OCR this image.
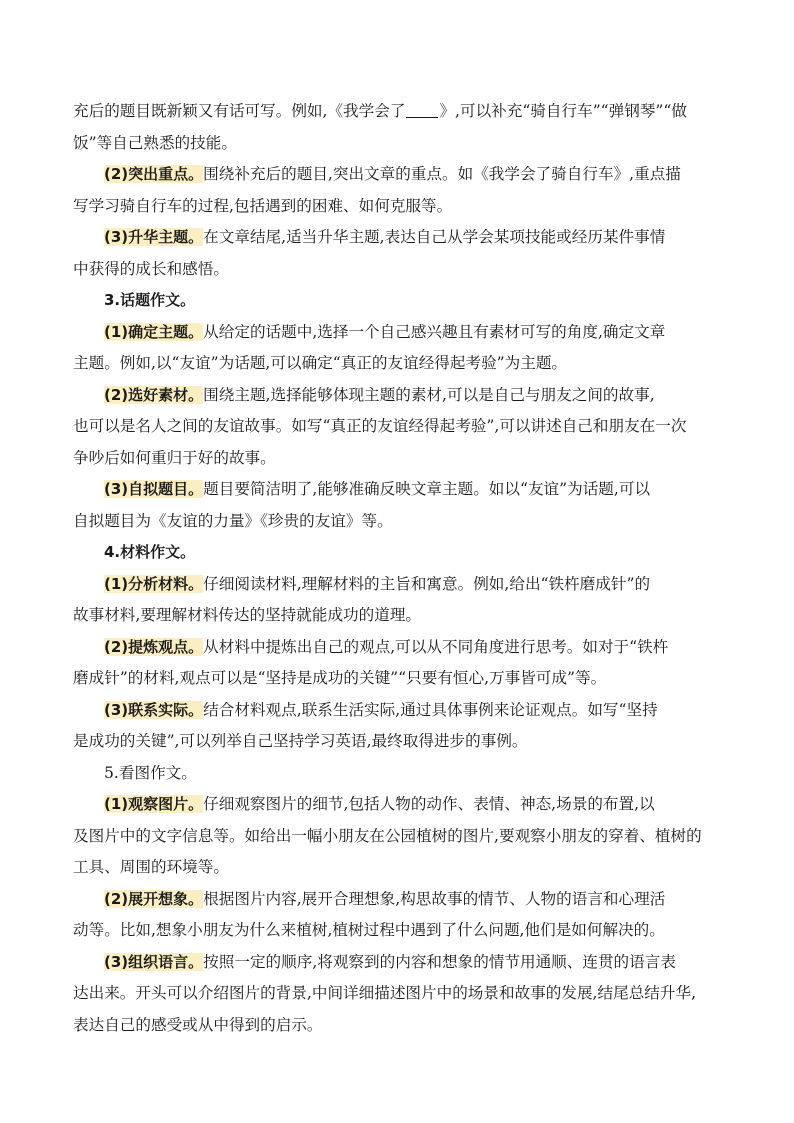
充后的题目既新颖又有话可写。例如,《我学会了 》,可以补充“骑自行车”“弹钢琴”“做
饭”等自己熟悉的技能。
(2)突出重点。围绕补充后的题目,突出文章的重点。如《我学会了骑自行车》,重点描
写学习骑自行车的过程,包括遇到的困难、如何克服等。
(3)升华主题。在文章结尾,适当升华主题,表达自己从学会某项技能或经历某件事情
中获得的成长和感悟。
3.话题作文。
(1)确定主题。从给定的话题中,选择一个自己感兴趣且有素材可写的角度,确定文章
主题。例如,以“友谊”为话题,可以确定“真正的友谊经得起考验”为主题。
(2)选好素材。围绕主题,选择能够体现主题的素材,可以是自己与朋友之间的故事,
也可以是名人之间的友谊故事。如写“真正的友谊经得起考验”,可以讲述自己和朋友在一次
争吵后如何重归于好的故事。
(3)自拟题目。题目要简洁明了,能够准确反映文章主题。如以“友谊”为话题,可以
自拟题目为《友谊的力量》《珍贵的友谊》等。
4.材料作文。
(1)分析材料。仔细阅读材料,理解材料的主旨和寓意。例如,给出“铁杵磨成针”的
故事材料,要理解材料传达的坚持就能成功的道理。
(2)提炼观点。从材料中提炼出自己的观点,可以从不同角度进行思考。如对于“铁杵
磨成针”的材料,观点可以是“坚持是成功的关键”“只要有恒心,万事皆可成”等。
(3)联系实际。结合材料观点,联系生活实际,通过具体事例来论证观点。如写“坚持
是成功的关键”,可以列举自己坚持学习英语,最终取得进步的事例。
5.看图作文。
(1)观察图片。仔细观察图片的细节,包括人物的动作、表情、神态,场景的布置,以
及图片中的文字信息等。如给出一幅小朋友在公园植树的图片,要观察小朋友的穿着、植树的
工具、周围的环境等。
(2)展开想象。根据图片内容,展开合理想象,构思故事的情节、人物的语言和心理活
动等。比如,想象小朋友为什么来植树,植树过程中遇到了什么问题,他们是如何解决的。
(3)组织语言。按照一定的顺序,将观察到的内容和想象的情节用通顺、连贯的语言表
达出来。开头可以介绍图片的背景,中间详细描述图片中的场景和故事的发展,结尾总结升华,
表达自己的感受或从中得到的启示。
